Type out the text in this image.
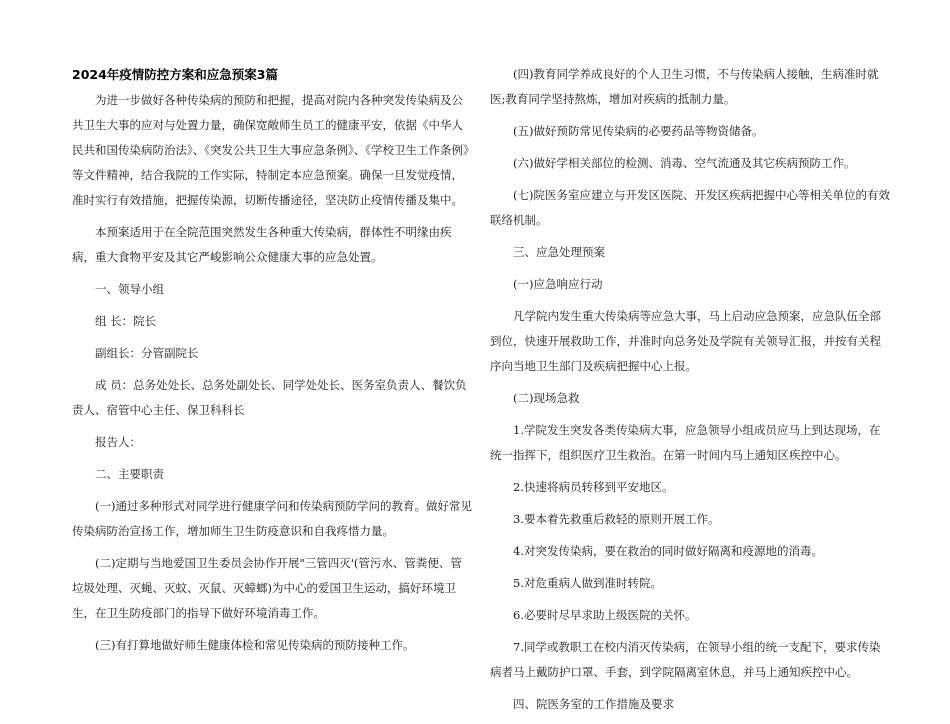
2024年疫情防控方案和应急预案3篇

为进一步做好各种传染病的预防和把握，提高对院内各种突发传染病及公共卫生大事的应对与处置力量，确保宽敞师生员工的健康平安，依据《中华人民共和国传染病防治法》、《突发公共卫生大事应急条例》、《学校卫生工作条例》等文件精神，结合我院的工作实际，特制定本应急预案。确保一旦发觉疫情，准时实行有效措施，把握传染源，切断传播途径，坚决防止疫情传播及集中。

本预案适用于在全院范围突然发生各种重大传染病，群体性不明缘由疾病，重大食物平安及其它严峻影响公众健康大事的应急处置。

一、领导小组

组 长：院长

副组长：分管副院长

成 员：总务处处长、总务处副处长、同学处处长、医务室负责人、餐饮负责人、宿管中心主任、保卫科科长

报告人：

二、主要职责

(一)通过多种形式对同学进行健康学问和传染病预防学问的教育。做好常见传染病防治宣扬工作，增加师生卫生防疫意识和自我疼惜力量。

(二)定期与当地爱国卫生委员会协作开展"三管四灭'(管污水、管粪便、管垃圾处理、灭蝇、灭蚊、灭鼠、灭蟑螂)为中心的爱国卫生运动，搞好环境卫生，在卫生防疫部门的指导下做好环境消毒工作。

(三)有打算地做好师生健康体检和常见传染病的预防接种工作。

(四)教育同学养成良好的个人卫生习惯，不与传染病人接触，生病准时就医;教育同学坚持熬炼，增加对疾病的抵制力量。

(五)做好预防常见传染病的必要药品等物资储备。

(六)做好学相关部位的检测、消毒、空气流通及其它疾病预防工作。

(七)院医务室应建立与开发区医院、开发区疾病把握中心等相关单位的有效联络机制。

三、应急处理预案

(一)应急响应行动

凡学院内发生重大传染病等应急大事，马上启动应急预案，应急队伍全部到位，快速开展救助工作，并准时向总务处及学院有关领导汇报，并按有关程序向当地卫生部门及疾病把握中心上报。

(二)现场急救

1.学院发生突发各类传染病大事，应急领导小组成员应马上到达现场，在统一指挥下，组织医疗卫生救治。在第一时间内马上通知区疾控中心。

2.快速将病员转移到平安地区。

3.要本着先救重后救轻的原则开展工作。

4.对突发传染病，要在救治的同时做好隔离和疫源地的消毒。

5.对危重病人做到准时转院。

6.必要时尽早求助上级医院的关怀。

7.同学或教职工在校内消灭传染病，在领导小组的统一支配下，要求传染病者马上戴防护口罩、手套，到学院隔离室休息，并马上通知疾控中心。

四、院医务室的工作措施及要求
